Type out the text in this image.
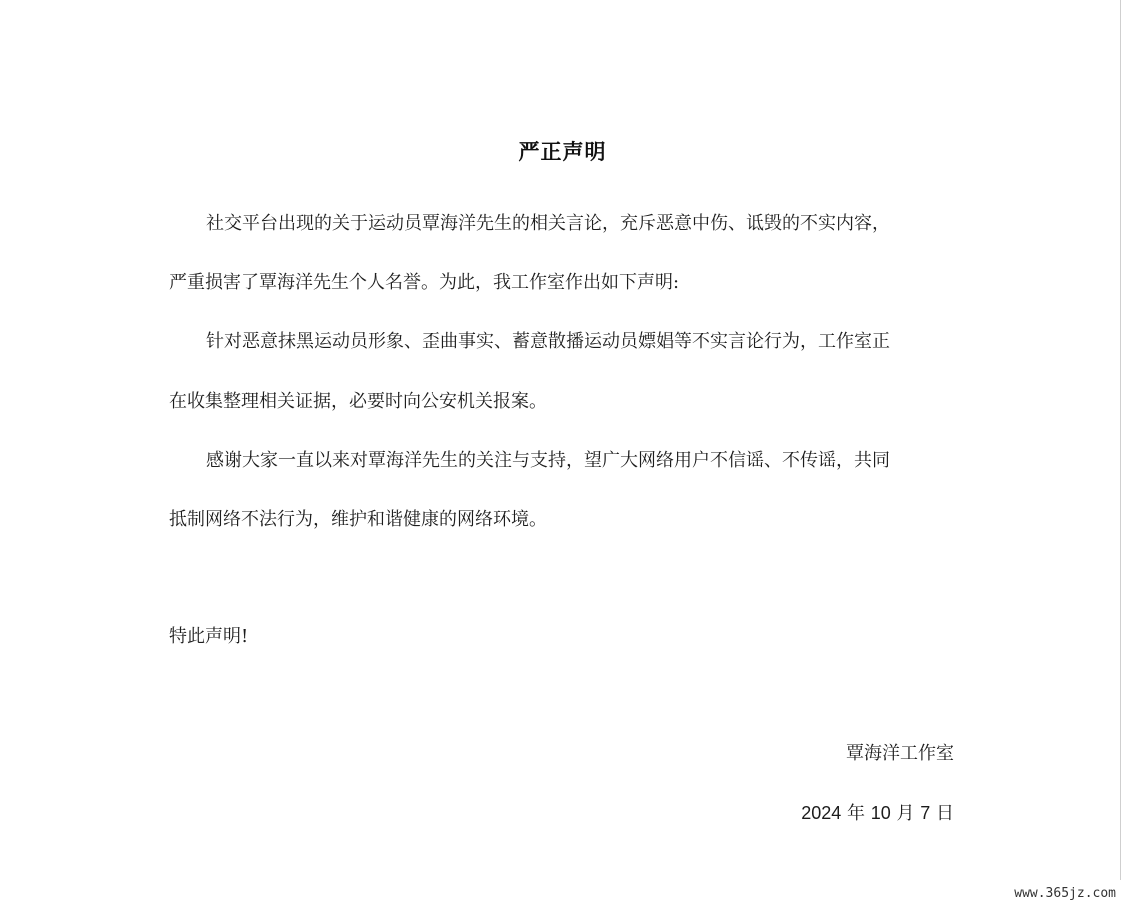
严正声明
社交平台出现的关于运动员覃海洋先生的相关言论，充斥恶意中伤、诋毁的不实内容，
严重损害了覃海洋先生个人名誉。为此，我工作室作出如下声明:
针对恶意抹黑运动员形象、歪曲事实、蓄意散播运动员嫖娼等不实言论行为，工作室正
在收集整理相关证据，必要时向公安机关报案。
感谢大家一直以来对覃海洋先生的关注与支持，望广大网络用户不信谣、不传谣，共同
抵制网络不法行为，维护和谐健康的网络环境。
特此声明!
覃海洋工作室
2024 年 10 月 7 日
www.365jz.com
